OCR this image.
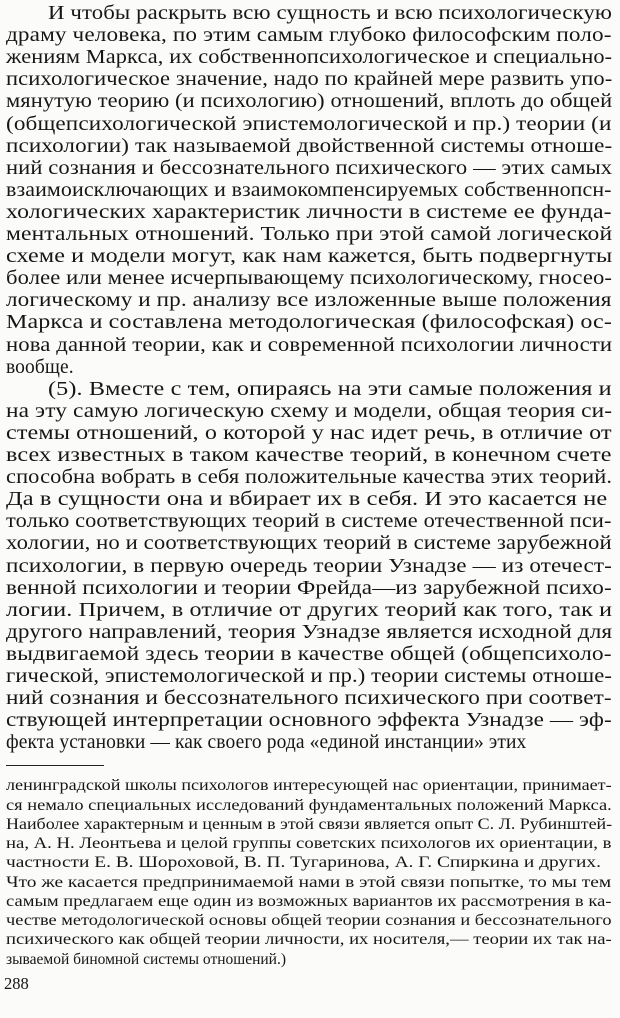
И чтобы раскрыть всю сущность и всю психологическую
драму человека, по этим самым глубоко философским поло-
жениям Маркса, их собственнопсихологическое и специально-
психологическое значение, надо по крайней мере развить упо-
мянутую теорию (и психологию) отношений, вплоть до общей
(общепсихологической эпистемологической и пр.) теории (и
психологии) так называемой двойственной системы отноше-
ний сознания и бессознательного психического — этих самых
взаимоисключающих и взаимокомпенсируемых собственнопсн-
хологических характеристик личности в системе ее фунда-
ментальных отношений. Только при этой самой логической
схеме и модели могут, как нам кажется, быть подвергнуты
более или менее исчерпывающему психологическому, гносео-
логическому и пр. анализу все изложенные выше положения
Маркса и составлена методологическая (философская) ос-
нова данной теории, как и современной психологии личности
вообще.
(5). Вместе с тем, опираясь на эти самые положения и
на эту самую логическую схему и модели, общая теория си-
стемы отношений, о которой у нас идет речь, в отличие от
всех известных в таком качестве теорий, в конечном счете
способна вобрать в себя положительные качества этих теорий.
Да в сущности она и вбирает их в себя. И это касается не
только соответствующих теорий в системе отечественной пси-
хологии, но и соответствующих теорий в системе зарубежной
психологии, в первую очередь теории Узнадзе — из отечест-
венной психологии и теории Фрейда—из зарубежной психо-
логии. Причем, в отличие от других теорий как того, так и
другого направлений, теория Узнадзе является исходной для
выдвигаемой здесь теории в качестве общей (общепсихоло-
гической, эпистемологической и пр.) теории системы отноше-
ний сознания и бессознательного психического при соответ-
ствующей интерпретации основного эффекта Узнадзе — эф-
фекта установки — как своего рода «единой инстанции» этих
ленинградской школы психологов интересующей нас ориентации, принимает-
ся немало специальных исследований фундаментальных положений Маркса.
Наиболее характерным и ценным в этой связи является опыт С. Л. Рубинштей-
на, А. Н. Леонтьева и целой группы советских психологов их ориентации, в
частности Е. В. Шороховой, В. П. Тугаринова, А. Г. Спиркина и других.
Что же касается предпринимаемой нами в этой связи попытке, то мы тем
самым предлагаем еще один из возможных вариантов их рассмотрения в ка-
честве методологической основы общей теории сознания и бессознательного
психического как общей теории личности, их носителя,— теории их так на-
зываемой биномной системы отношений.)
288
